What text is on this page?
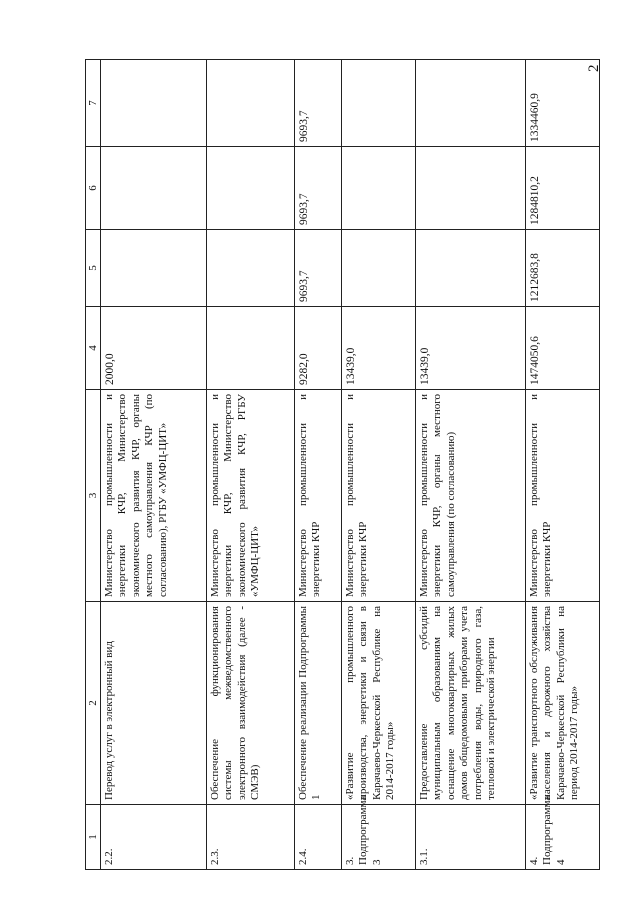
2
1	2	3	4	5	6	7
2.2.	Перевод услуг в электронный вид	Министерство промышленности и энергетики КЧР, Министерство экономического развития КЧР, органы местного самоуправления КЧР (по согласованию), РГБУ «УМФЦ-ЦИТ»	2000,0			
2.3.	Обеспечение функционирования системы межведомственного электронного взаимодействия (далее - СМЭВ)	Министерство промышленности и энергетики КЧР, Министерство экономического развития КЧР, РГБУ «УМФЦ-ЦИТ»				
2.4.	Обеспечение реализации Подпрограммы 1	Министерство промышленности и энергетики КЧР	9282,0	9693,7	9693,7	9693,7
3. Подпрограмма 3	«Развитие промышленного производства, энергетики и связи в Карачаево-Черкесской Республике на 2014-2017 годы»	Министерство промышленности и энергетики КЧР	13439,0			
3.1.	Предоставление субсидий муниципальным образованиям на оснащение многоквартирных жилых домов общедомовыми приборами учета потребления воды, природного газа, тепловой и электрической энергии	Министерство промышленности и энергетики КЧР, органы местного самоуправления (по согласованию)	13439,0			
4. Подпрограмма 4	«Развитие транспортного обслуживания населения и дорожного хозяйства Карачаево-Черкесской Республики на период 2014-2017 годы»	Министерство промышленности и энергетики КЧР	1474050,6	1212683,8	1284810,2	1334460,9
